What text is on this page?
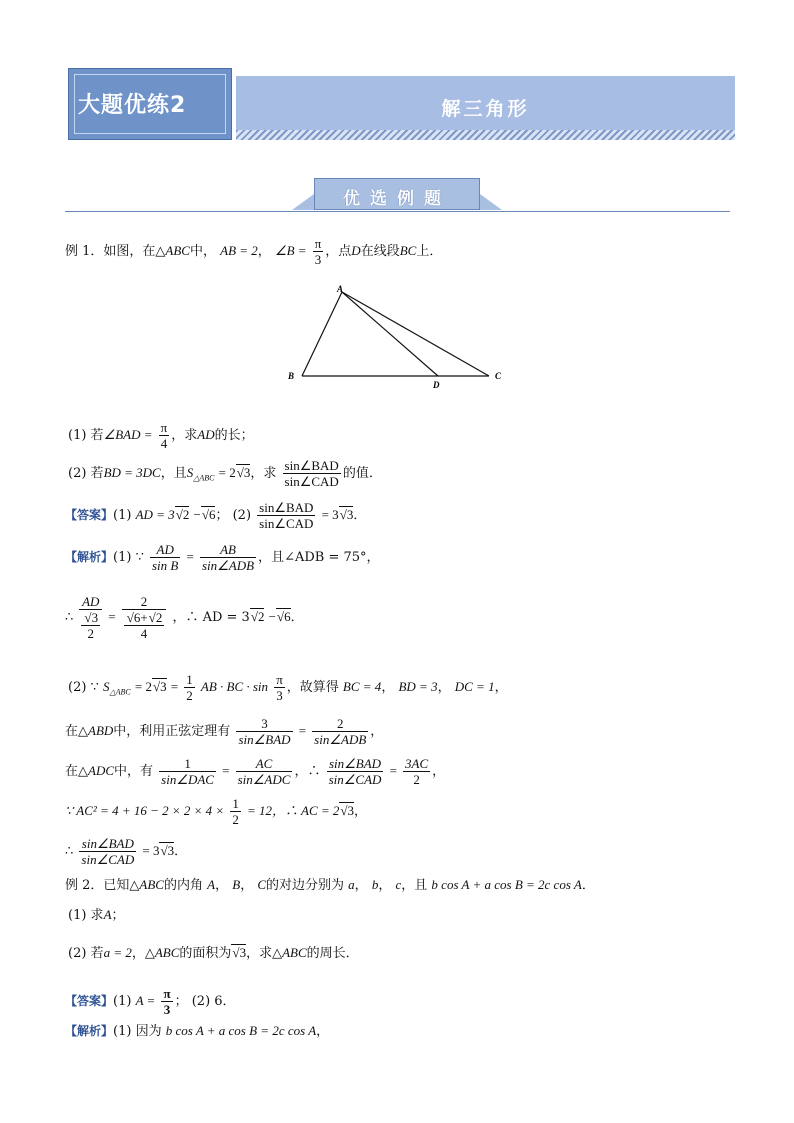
大题优练2	解三角形
优选例题
例 1．如图，在△ABC中， AB = 2， ∠B = $\frac{\pi}{3}$ ，点D在线段BC上．
A
B	C
D
(1) 若∠BAD = $\frac{\pi}{4}$ ，求AD的长；
(2) 若BD = 3DC，且$S_{\triangle ABC} = 2√3$，求 $\frac{\text{sin∠BAD}}{\text{sin∠CAD}}$ 的值．
【答案】(1) AD = 3√2 −√6； $(2) \frac{\text{sin∠BAD}}{\text{sin∠CAD}} = 3√3$．
【解析】(1) ∵ $\frac{AD}{\text{sin B}} = \frac{AB}{\text{sin∠ADB}}$ ，且∠ADB = 75°，
∴ $\frac{AD}{\frac{√3}{2}} = \frac{2}{\frac{√6+√2}{4}}$ ，∴ AD = 3√2 −√6．
(2) ∵ $S_{\triangle ABC} = 2√3 = \frac{1}{2}$ AB · BC · $\sin \frac{\pi}{3}$ ，故算得 BC = 4， BD = 3， DC = 1，
在△ABD中，利用正弦定理有 $\frac{3}{\text{sin∠BAD}} = \frac{2}{\text{sin∠ADB}}$ ，
在△ADC中，有 $\frac{1}{\text{sin∠DAC}} = \frac{AC}{\text{sin∠ADC}}$ ，∴ $\frac{\text{sin∠BAD}}{\text{sin∠CAD}} = \frac{3AC}{2}$ ，
∵ $AC^2 = 4 + 16 - 2 \times 2 \times 4 \times \frac{1}{2} = 12$，∴ AC = 2√3，
∴ $\frac{\text{sin∠BAD}}{\text{sin∠CAD}} = 3√3$．
例 2．已知△ABC的内角 A， B， C的对边分别为 a， b， c，且 b cos A + a cos B = 2c cos A．
(1) 求A；
(2) 若a = 2，△ABC的面积为√3，求△ABC的周长．
【答案】(1) $A = \frac{\pi}{3}$ ； (2) 6．
【解析】(1) 因为 b cos A + a cos B = 2c cos A，
